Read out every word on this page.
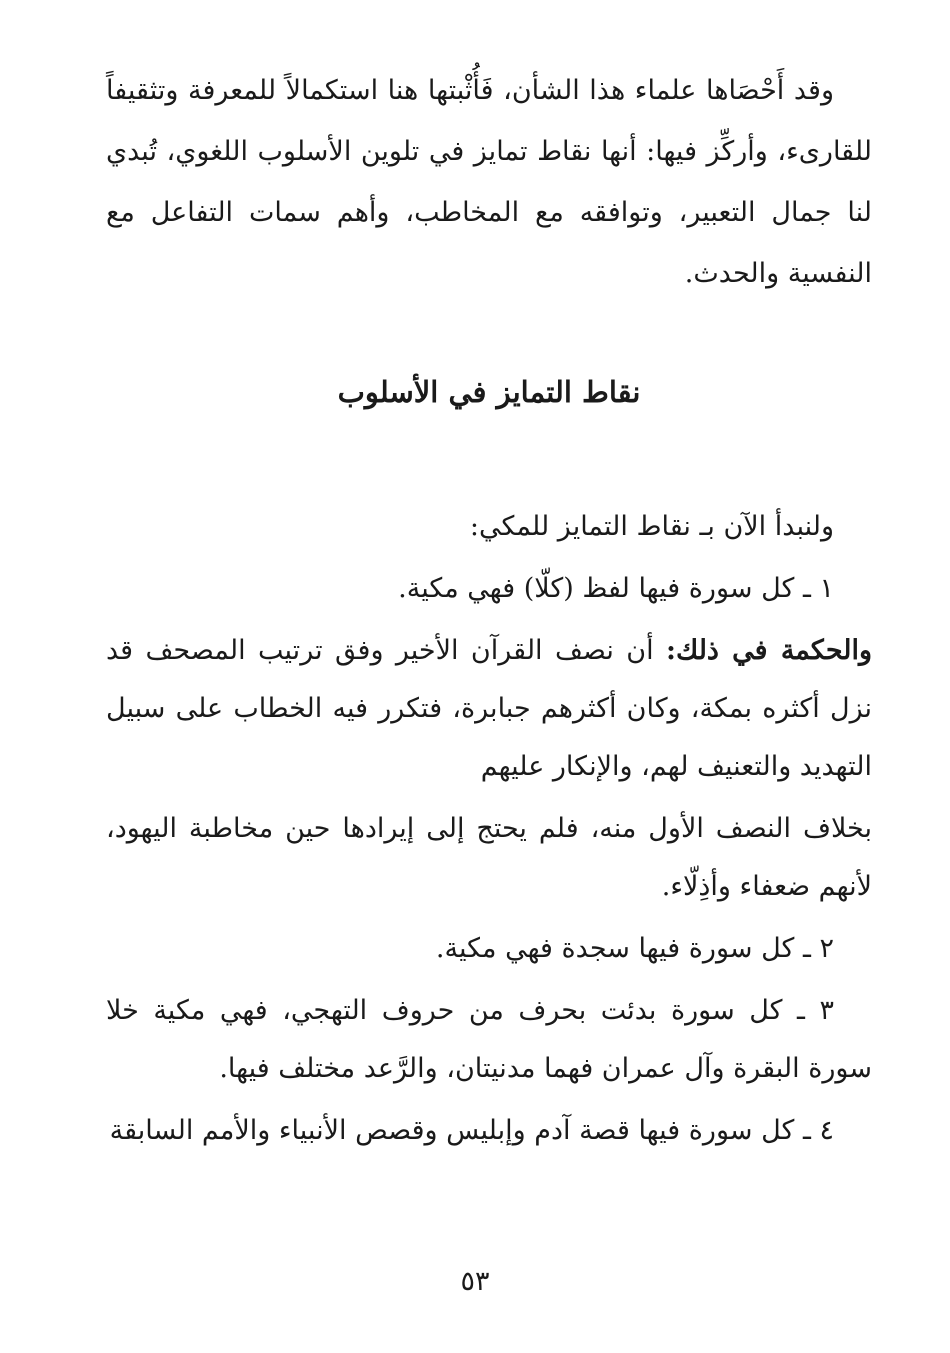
وقد أَحْصَاها علماء هذا الشأن، فَأُثْبتها هنا استكمالاً للمعرفة وتثقيفاً للقارىء، وأركِّز فيها: أنها نقاط تمايز في تلوين الأسلوب اللغوي، تُبدي لنا جمال التعبير، وتوافقه مع المخاطب، وأهم سمات التفاعل مع النفسية والحدث.

نقاط التمايز في الأسلوب

ولنبدأ الآن بـ نقاط التمايز للمكي:

١ ـ كل سورة فيها لفظ (كلّا) فهي مكية.

والحكمة في ذلك: أن نصف القرآن الأخير وفق ترتيب المصحف قد نزل أكثره بمكة، وكان أكثرهم جبابرة، فتكرر فيه الخطاب على سبيل التهديد والتعنيف لهم، والإنكار عليهم

بخلاف النصف الأول منه، فلم يحتج إلى إيرادها حين مخاطبة اليهود، لأنهم ضعفاء وأذِلّاء.

٢ ـ كل سورة فيها سجدة فهي مكية.

٣ ـ كل سورة بدئت بحرف من حروف التهجي، فهي مكية خلا سورة البقرة وآل عمران فهما مدنيتان، والرَّعد مختلف فيها.

٤ ـ كل سورة فيها قصة آدم وإبليس وقصص الأنبياء والأمم السابقة

٥٣
